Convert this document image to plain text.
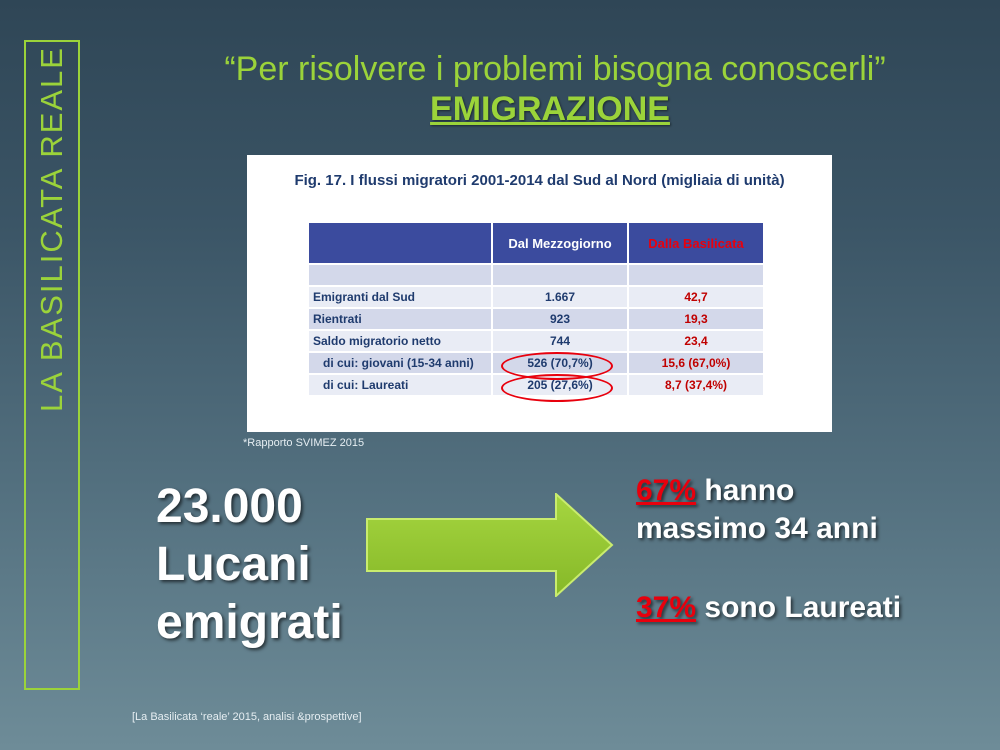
LA BASILICATA REALE	“Per risolvere i problemi bisogna conoscerli”
EMIGRAZIONE
Fig. 17. I flussi migratori 2001-2014 dal Sud al Nord (migliaia di unità)
	Dal Mezzogiorno	Dalla Basilicata

Emigranti dal Sud	1.667	42,7
Rientrati	923	19,3
Saldo migratorio netto	744	23,4
di cui: giovani (15-34 anni)	526 (70,7%)	15,6 (67,0%)
di cui: Laureati	205 (27,6%)	8,7 (37,4%)
*Rapporto SVIMEZ 2015
23.000
Lucani
emigrati
67% hanno
massimo 34 anni
37% sono Laureati
[La Basilicata ‘reale’ 2015, analisi &prospettive]
